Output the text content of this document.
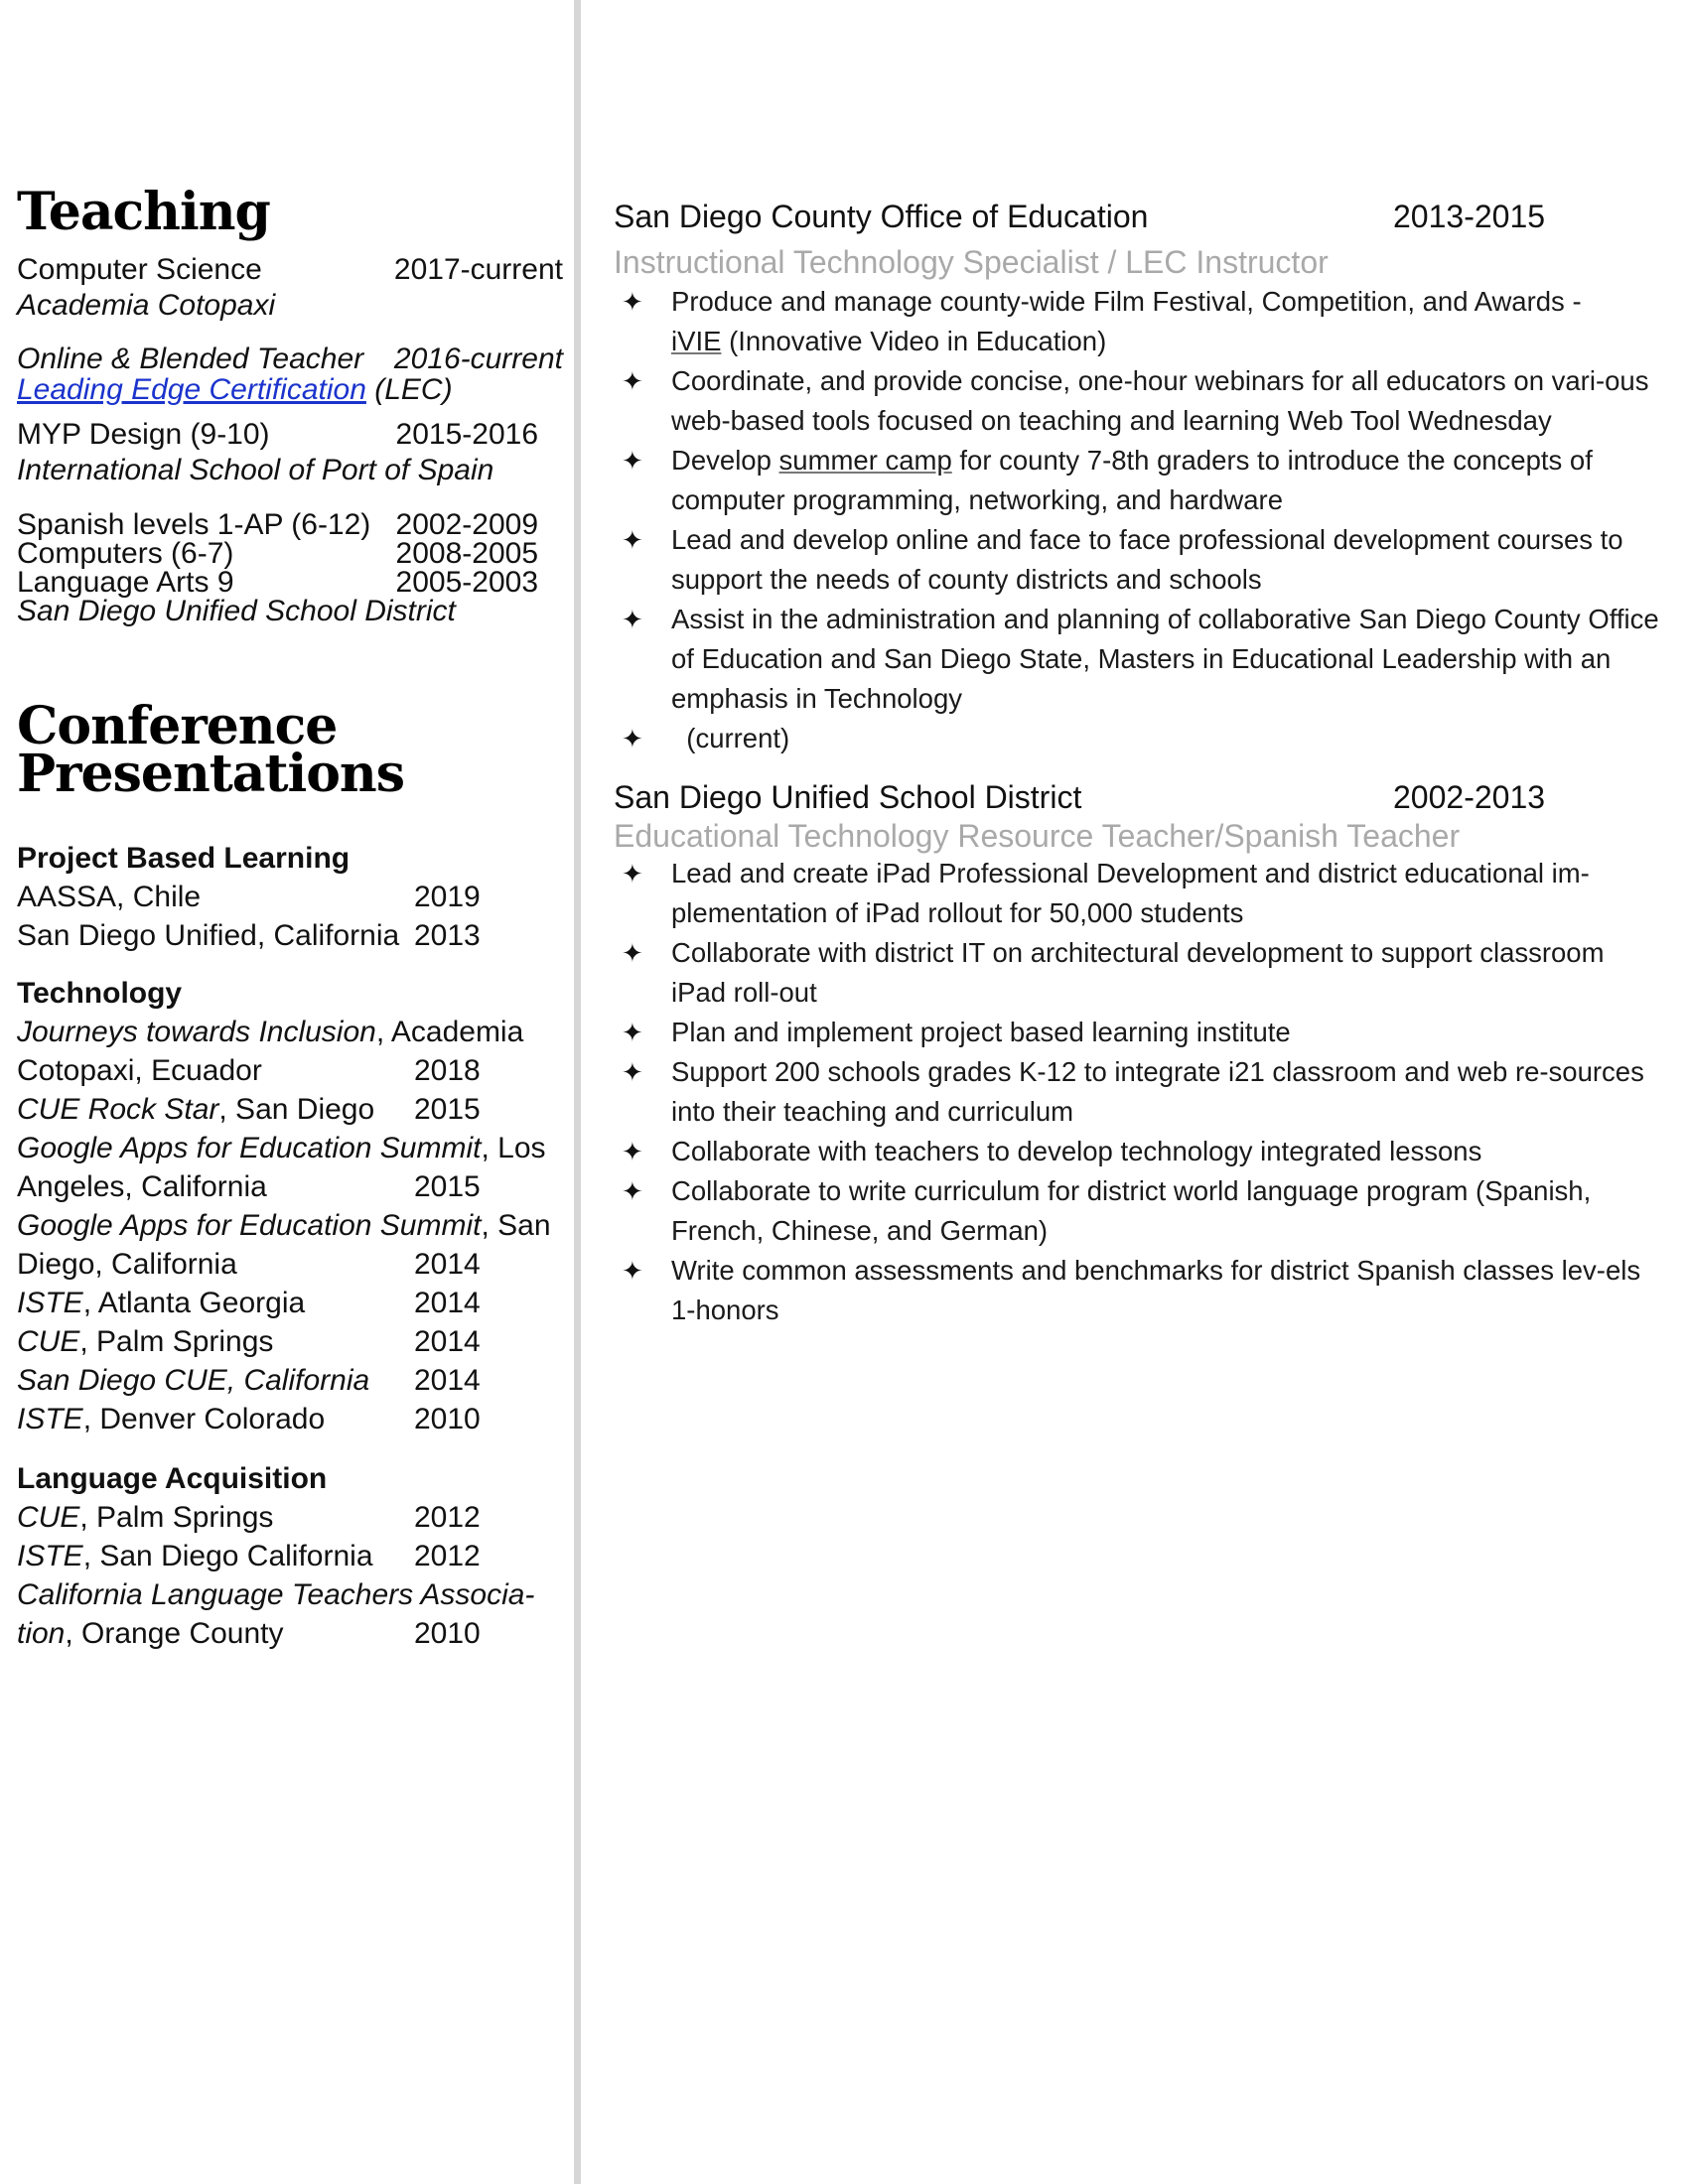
Teaching
Computer Science	2017-current
Academia Cotopaxi
Online & Blended Teacher 2016-current
Leading Edge Certification (LEC)
MYP Design (9-10)	2015-2016
International School of Port of Spain
Spanish levels 1-AP (6-12) 2002-2009
Computers (6-7)	2008-2005
Language Arts 9	2005-2003
San Diego Unified School District
Conference
Presentations
Project Based Learning
AASSA, Chile	2019
San Diego Unified, California 2013
Technology
Journeys towards Inclusion, Academia
Cotopaxi, Ecuador	2018
CUE Rock Star, San Diego	2015
Google Apps for Education Summit, Los
Angeles, California	2015
Google Apps for Education Summit, San
Diego, California	2014
ISTE, Atlanta Georgia	2014
CUE, Palm Springs	2014
San Diego CUE, California	2014
ISTE, Denver Colorado	2010
Language Acquisition
CUE, Palm Springs	2012
ISTE, San Diego California	2012
California Language Teachers Associa-
tion, Orange County	2010
San Diego County Office of Education	2013-2015
Instructional Technology Specialist / LEC Instructor
✦ Produce and manage county-wide Film Festival, Competition, and Awards -
iVIE (Innovative Video in Education)
✦ Coordinate, and provide concise, one-hour webinars for all educators on vari-ous web-based tools focused on teaching and learning Web Tool Wednesday
✦ Develop summer camp for county 7-8th graders to introduce the concepts of computer programming, networking, and hardware
✦ Lead and develop online and face to face professional development courses to support the needs of county districts and schools
✦ Assist in the administration and planning of collaborative San Diego County Office of Education and San Diego State, Masters in Educational Leadership with an emphasis in Technology
✦ (current)
San Diego Unified School District	2002-2013
Educational Technology Resource Teacher/Spanish Teacher
✦ Lead and create iPad Professional Development and district educational im-plementation of iPad rollout for 50,000 students
✦ Collaborate with district IT on architectural development to support classroom iPad roll-out
✦ Plan and implement project based learning institute
✦ Support 200 schools grades K-12 to integrate i21 classroom and web re-sources into their teaching and curriculum
✦ Collaborate with teachers to develop technology integrated lessons
✦ Collaborate to write curriculum for district world language program (Spanish, French, Chinese, and German)
✦ Write common assessments and benchmarks for district Spanish classes lev-els 1-honors
